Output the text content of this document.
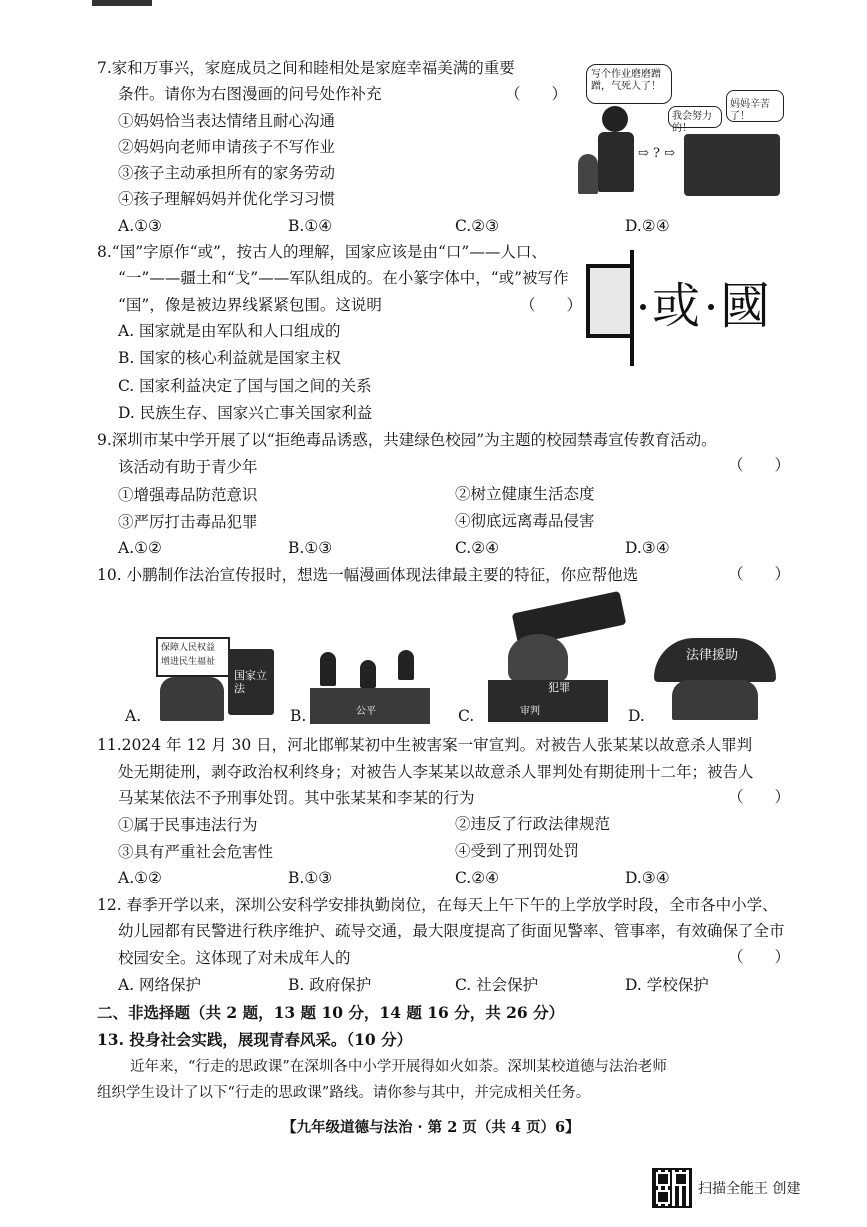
7.家和万事兴，家庭成员之间和睦相处是家庭幸福美满的重要
条件。请你为右图漫画的问号处作补充	（　　）
①妈妈恰当表达情绪且耐心沟通
②妈妈向老师申请孩子不写作业
③孩子主动承担所有的家务劳动
④孩子理解妈妈并优化学习习惯
A.①③	B.①④	C.②③	D.②④
写个作业磨磨蹭蹭，气死人了！
⇨ ? ⇨
我会努力的！
妈妈辛苦了！
8.“国”字原作“或”，按古人的理解，国家应该是由“口”——人口、
“一”——疆土和“戈”——军队组成的。在小篆字体中，“或”被写作
“国”，像是被边界线紧紧包围。这说明	（　　）
A. 国家就是由军队和人口组成的
B. 国家的核心利益就是国家主权
C. 国家利益决定了国与国之间的关系
D. 民族生存、国家兴亡事关国家利益
或 國
9.深圳市某中学开展了以“拒绝毒品诱惑，共建绿色校园”为主题的校园禁毒宣传教育活动。
该活动有助于青少年	（　　）
①增强毒品防范意识	②树立健康生活态度
③严厉打击毒品犯罪	④彻底远离毒品侵害
A.①②	B.①③	C.②④	D.③④
10. 小鹏制作法治宣传报时，想选一幅漫画体现法律最主要的特征，你应帮他选	（　　）
A.
保障人民权益
增进民生福祉
国家立法
B.	公平	C.
犯罪
审判	D.
法律援助
11.2024 年 12 月 30 日，河北邯郸某初中生被害案一审宣判。对被告人张某某以故意杀人罪判
处无期徒刑，剥夺政治权利终身；对被告人李某某以故意杀人罪判处有期徒刑十二年；被告人
马某某依法不予刑事处罚。其中张某某和李某的行为	（　　）
①属于民事违法行为	②违反了行政法律规范
③具有严重社会危害性	④受到了刑罚处罚
A.①②	B.①③	C.②④	D.③④
12. 春季开学以来，深圳公安科学安排执勤岗位，在每天上午下午的上学放学时段，全市各中小学、
幼儿园都有民警进行秩序维护、疏导交通，最大限度提高了街面见警率、管事率，有效确保了全市
校园安全。这体现了对未成年人的	（　　）
A. 网络保护	B. 政府保护	C. 社会保护	D. 学校保护
二、非选择题（共 2 题，13 题 10 分，14 题 16 分，共 26 分）
13. 投身社会实践，展现青春风采。（10 分）
近年来，“行走的思政课”在深圳各中小学开展得如火如荼。深圳某校道德与法治老师
组织学生设计了以下“行走的思政课”路线。请你参与其中，并完成相关任务。
【九年级道德与法治 · 第 2 页（共 4 页）6】
扫描全能王 创建
